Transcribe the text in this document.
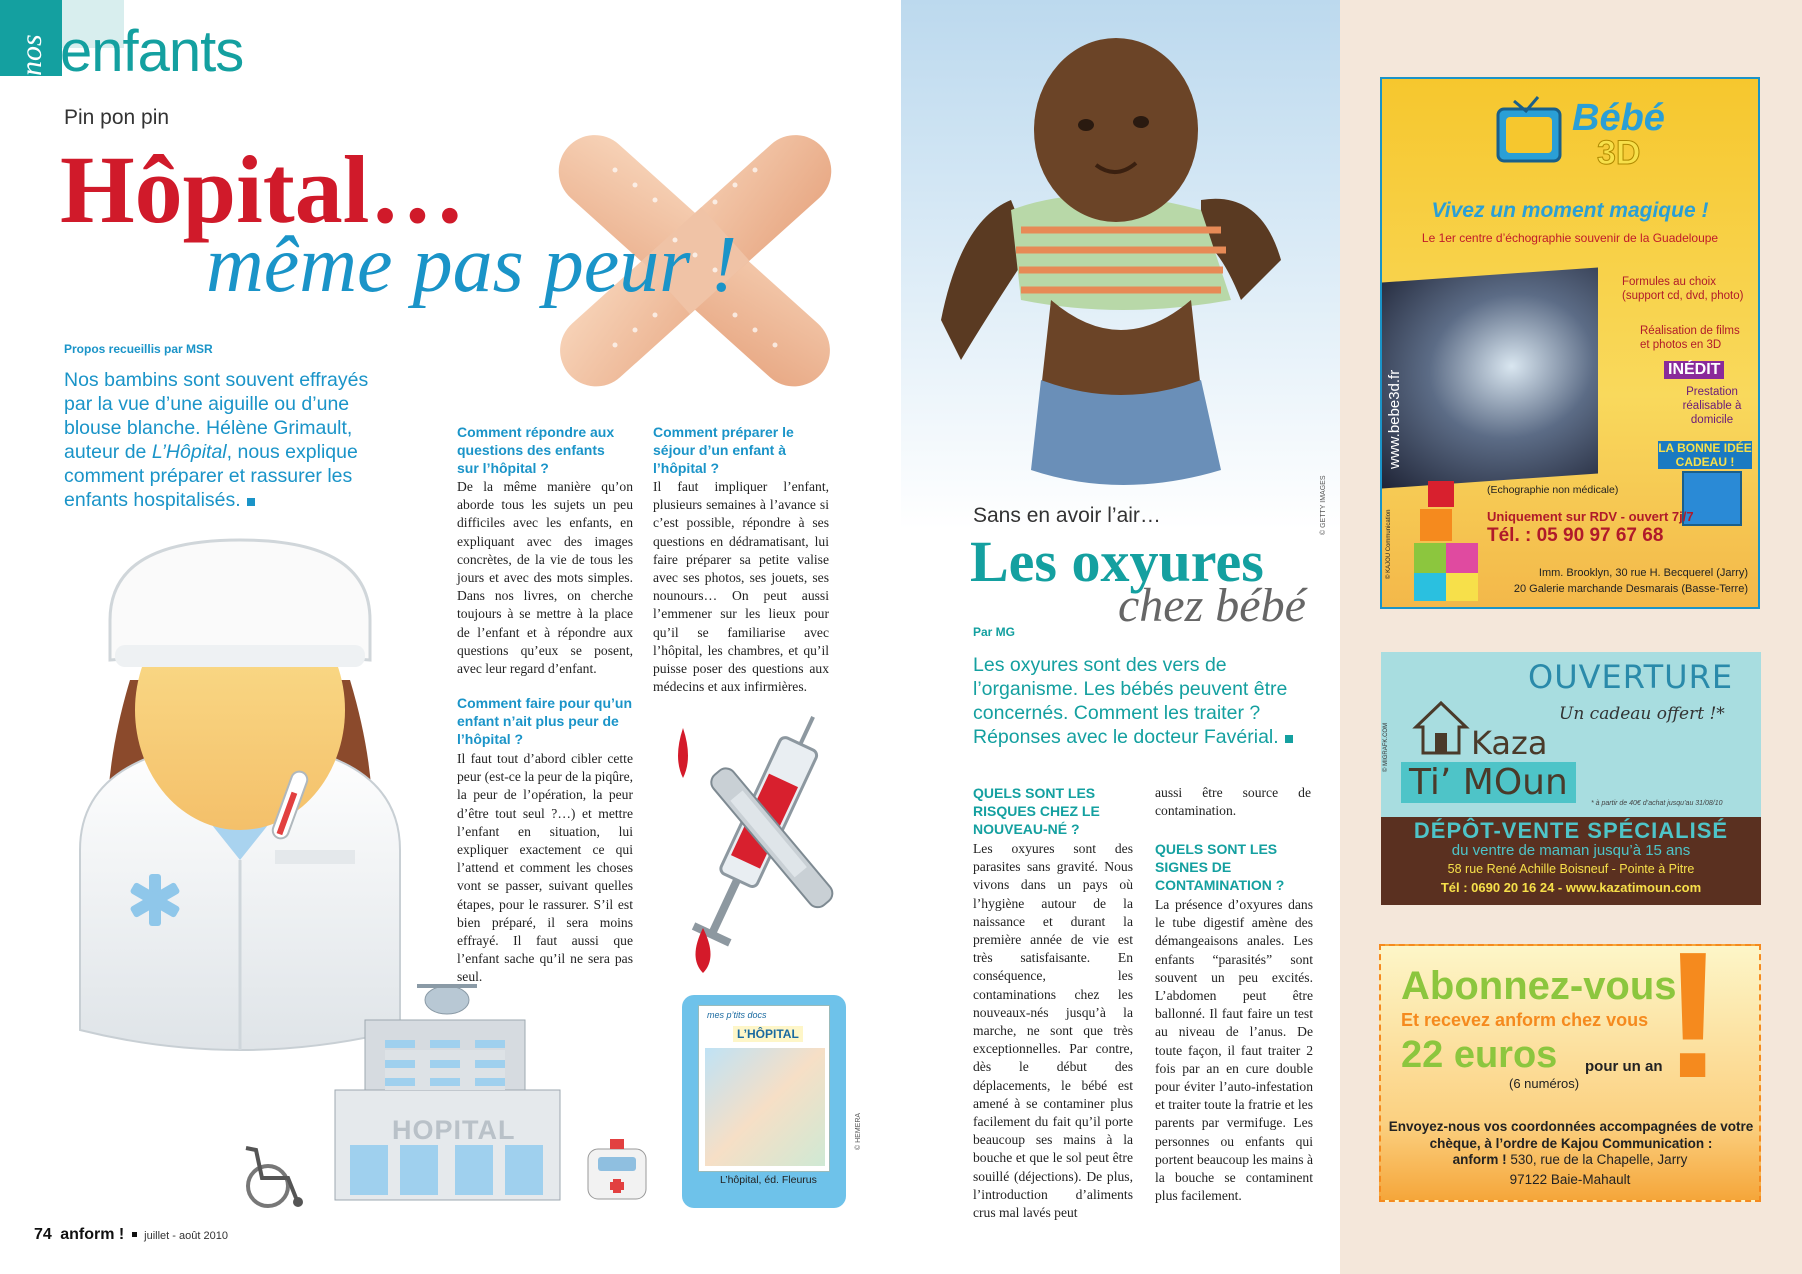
nos enfants
Pin pon pin
Hôpital…
même pas peur !
Propos recueillis par MSR
Nos bambins sont souvent effrayés par la vue d’une aiguille ou d’une blouse blanche. Hélène Grimault, auteur de L’Hôpital, nous explique comment préparer et rassurer les enfants hospitalisés.
Comment répondre aux questions des enfants sur l’hôpital ?
De la même manière qu’on aborde tous les sujets un peu difficiles avec les enfants, en expliquant avec des images concrètes, de la vie de tous les jours et avec des mots simples. Dans nos livres, on cherche toujours à se mettre à la place de l’enfant et à répondre aux questions qu’eux se posent, avec leur regard d’enfant.
Comment faire pour qu’un enfant n’ait plus peur de l’hôpital ?
Il faut tout d’abord cibler cette peur (est-ce la peur de la piqûre, la peur de l’opération, la peur d’être tout seul ?…) et mettre l’enfant en situation, lui expliquer exactement ce qui l’attend et comment les choses vont se passer, suivant quelles étapes, pour le rassurer. S’il est bien préparé, il sera moins effrayé. Il faut aussi que l’enfant sache qu’il ne sera pas seul.
Comment préparer le séjour d’un enfant à l’hôpital ?
Il faut impliquer l’enfant, plusieurs semaines à l’avance si c’est possible, répondre à ses questions en dédramatisant, lui faire préparer sa petite valise avec ses photos, ses jouets, ses nounours… On peut aussi l’emmener sur les lieux pour qu’il se familiarise avec l’hôpital, les chambres, et qu’il puisse poser des questions aux médecins et aux infirmières.
HOPITAL
mes p’tits docs
L’HÔPITAL
L’hôpital, éd. Fleurus
© HEMERA
74 anform ! juillet - août 2010
© GETTY IMAGES
Sans en avoir l’air…
Les oxyures
chez bébé
Par MG
Les oxyures sont des vers de l’organisme. Les bébés peuvent être concernés. Comment les traiter ? Réponses avec le docteur Favérial.
QUELS SONT LES RISQUES CHEZ LE NOUVEAU-NÉ ?
Les oxyures sont des parasites sans gravité. Nous vivons dans un pays où l’hygiène autour de la naissance et durant la première année de vie est très satisfaisante. En conséquence, les contaminations chez les nouveaux-nés jusqu’à la marche, ne sont que très exceptionnelles. Par contre, dès le début des déplacements, le bébé est amené à se contaminer plus facilement du fait qu’il porte beaucoup ses mains à la bouche et que le sol peut être souillé (déjections). De plus, l’introduction d’aliments crus mal lavés peut
aussi être source de contamination.
QUELS SONT LES SIGNES DE CONTAMINATION ?
La présence d’oxyures dans le tube digestif amène des démangeaisons anales. Les enfants “parasités” sont souvent un peu excités. L’abdomen peut être ballonné. Il faut faire un test au niveau de l’anus. De toute façon, il faut traiter 2 fois par an en cure double pour éviter l’auto-infestation et traiter toute la fratrie et les parents par vermifuge. Les personnes ou enfants qui portent beaucoup les mains à la bouche se contaminent plus facilement.
Bébé
3D
Vivez un moment magique !
Le 1er centre d’échographie souvenir de la Guadeloupe
www.bebe3d.fr
Formules au choix (support cd, dvd, photo)
Réalisation de films et photos en 3D
INÉDIT
Prestation réalisable à domicile
LA BONNE IDÉE CADEAU !
(Echographie non médicale)
Uniquement sur RDV - ouvert 7j/7
Tél. : 05 90 97 67 68
Imm. Brooklyn, 30 rue H. Becquerel (Jarry)
20 Galerie marchande Desmarais (Basse-Terre)
© KAJOU Communication
OUVERTURE
Un cadeau offert !*
Kaza
Ti’ MOun
* à partir de 40€ d’achat jusqu’au 31/08/10
DÉPÔT-VENTE SPÉCIALISÉ
du ventre de maman jusqu’à 15 ans
58 rue René Achille Boisneuf - Pointe à Pitre
Tél : 0690 20 16 24 - www.kazatimoun.com
© MIGRAFK.COM
Abonnez-vous
Et recevez anform chez vous
22 euros pour un an
(6 numéros) !
Envoyez-nous vos coordonnées accompagnées de votre chèque, à l’ordre de Kajou Communication :
anform ! 530, rue de la Chapelle, Jarry
97122 Baie-Mahault
